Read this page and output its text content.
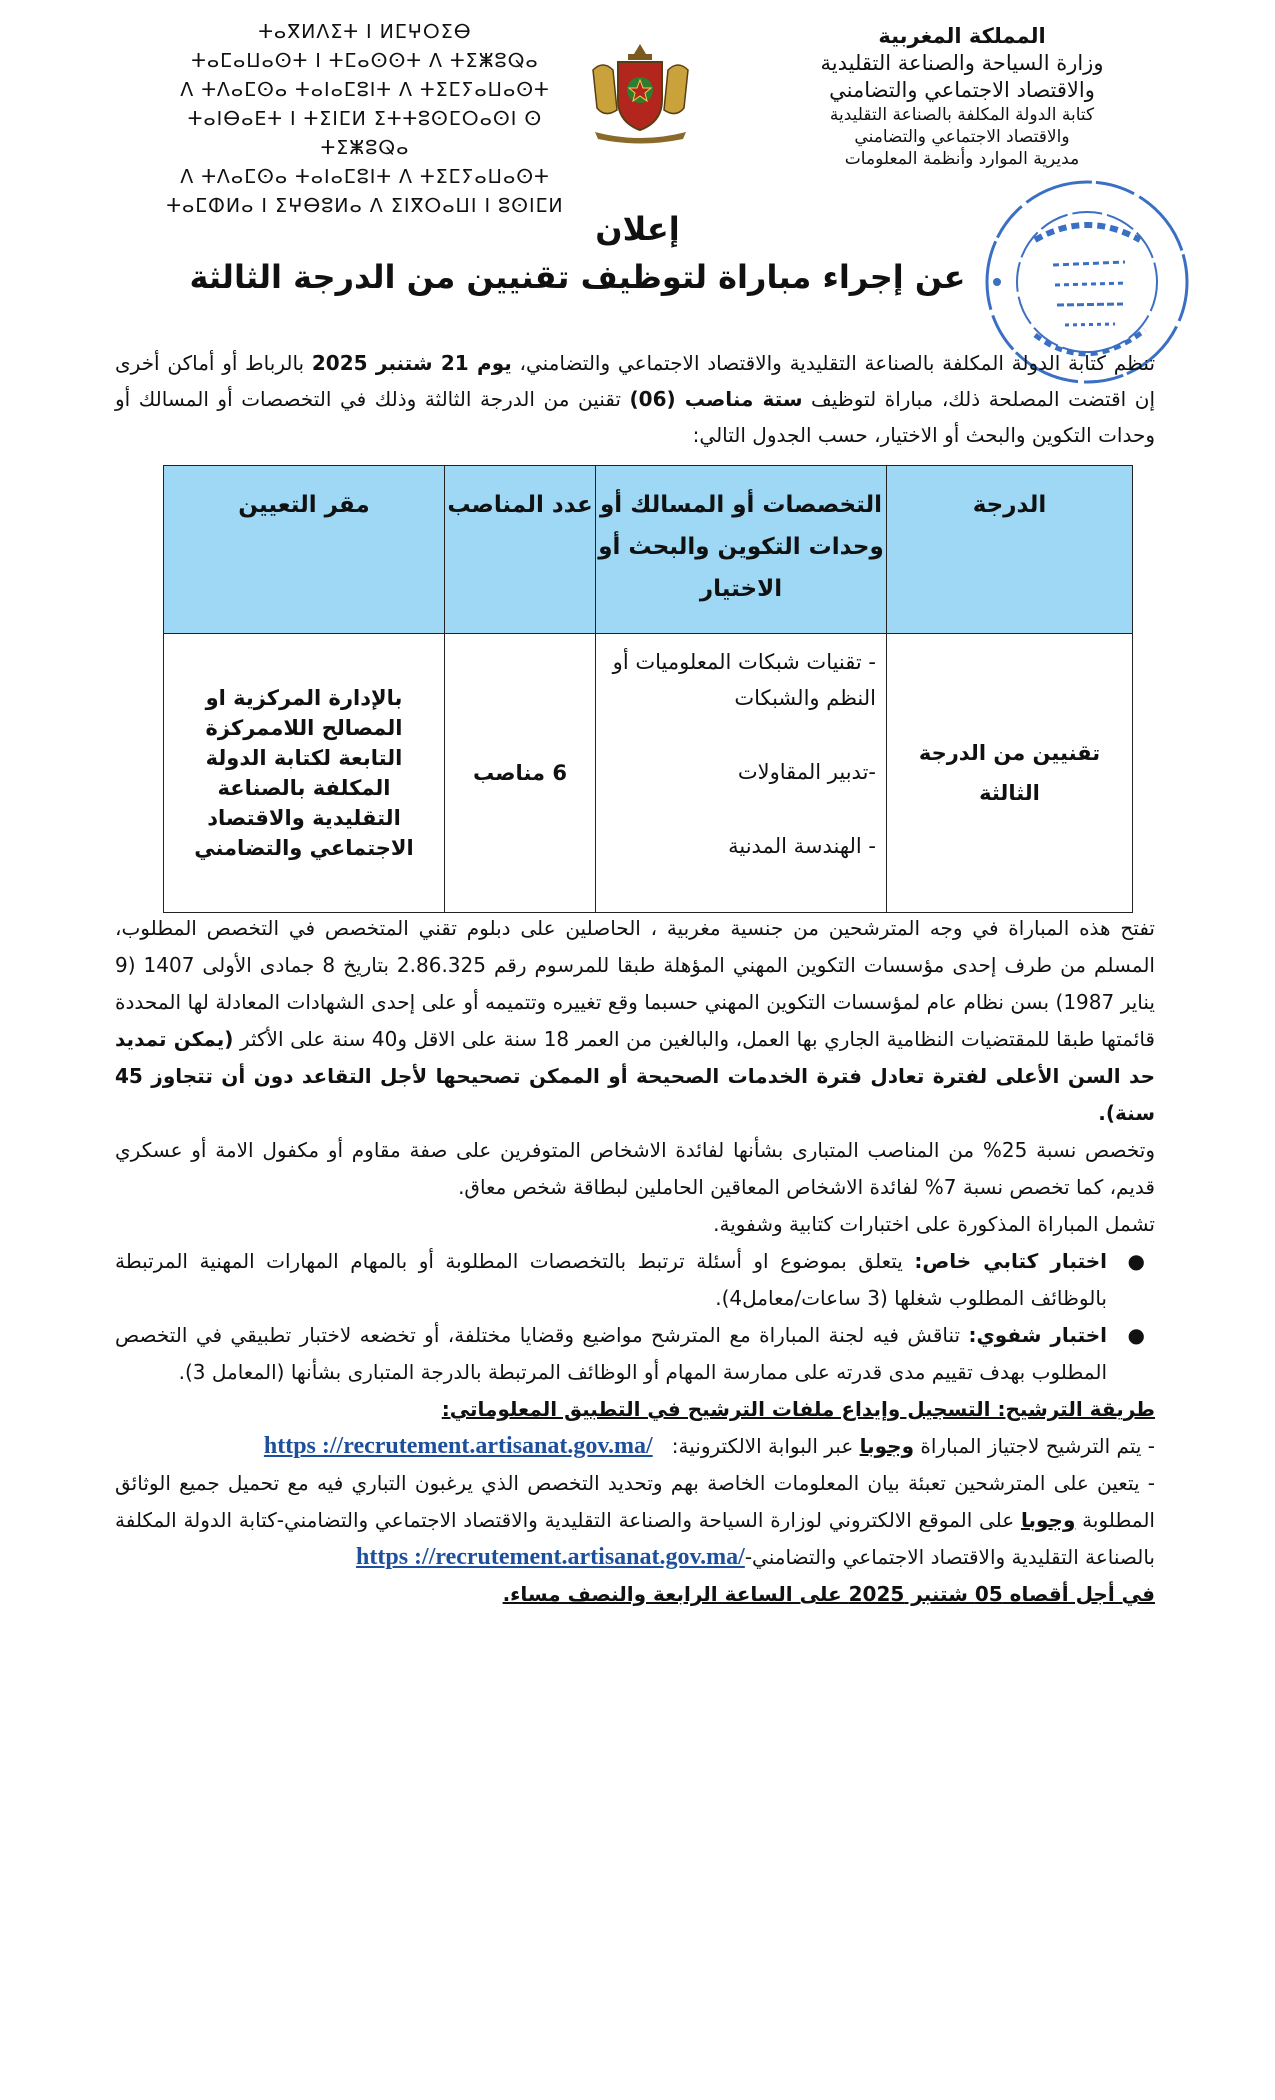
المملكة المغربية
وزارة السياحة والصناعة التقليدية
والاقتصاد الاجتماعي والتضامني
كتابة الدولة المكلفة بالصناعة التقليدية
والاقتصاد الاجتماعي والتضامني
مديرية الموارد وأنظمة المعلومات
ⵜⴰⴳⵍⴷⵉⵜ ⵏ ⵍⵎⵖⵔⵉⴱ
ⵜⴰⵎⴰⵡⴰⵙⵜ ⵏ ⵜⵎⴰⵙⵙⵜ ⴷ ⵜⵉⵥⵓⵕⴰ
ⴷ ⵜⴷⴰⵎⵙⴰ ⵜⴰⵏⴰⵎⵓⵏⵜ ⴷ ⵜⵉⵎⵢⴰⵡⴰⵙⵜ
ⵜⴰⵏⴱⴰⴹⵜ ⵏ ⵜⵉⵏⵎⵍ ⵉⵜⵜⵓⵙⵎⵔⴰⵙⵏ ⵙ ⵜⵉⵥⵓⵕⴰ
ⴷ ⵜⴷⴰⵎⵙⴰ ⵜⴰⵏⴰⵎⵓⵏⵜ ⴷ ⵜⵉⵎⵢⴰⵡⴰⵙⵜ
ⵜⴰⵎⵀⵍⴰ ⵏ ⵉⵖⴱⵓⵍⴰ ⴷ ⵉⵏⴳⵔⴰⵡⵏ ⵏ ⵓⵙⵏⵎⵍ
إعلان
عن إجراء مباراة لتوظيف تقنيين من الدرجة الثالثة

تنظم كتابة الدولة المكلفة بالصناعة التقليدية والاقتصاد الاجتماعي والتضامني، يوم 21 شتنبر 2025 بالرباط أو أماكن أخرى إن اقتضت المصلحة ذلك، مباراة لتوظيف ستة مناصب (06) تقنين من الدرجة الثالثة وذلك في التخصصات أو المسالك أو وحدات التكوين والبحث أو الاختيار، حسب الجدول التالي:

الدرجة	التخصصات أو المسالك أو وحدات التكوين والبحث أو الاختيار	عدد المناصب	مقر التعيين
تقنيين من الدرجة الثالثة	- تقنيات شبكات المعلوميات أو النظم والشبكات
-تدبير المقاولات
- الهندسة المدنية	6 مناصب	بالإدارة المركزية او المصالح اللاممركزة التابعة لكتابة الدولة المكلفة بالصناعة التقليدية والاقتصاد الاجتماعي والتضامني

تفتح هذه المباراة في وجه المترشحين من جنسية مغربية ، الحاصلين على دبلوم تقني المتخصص في التخصص المطلوب، المسلم من طرف إحدى مؤسسات التكوين المهني المؤهلة طبقا للمرسوم رقم 2.86.325 بتاريخ 8 جمادى الأولى 1407 (9 يناير 1987) بسن نظام عام لمؤسسات التكوين المهني حسبما وقع تغييره وتتميمه أو على إحدى الشهادات المعادلة لها المحددة قائمتها طبقا للمقتضيات النظامية الجاري بها العمل، والبالغين من العمر 18 سنة على الاقل و40 سنة على الأكثر (يمكن تمديد حد السن الأعلى لفترة تعادل فترة الخدمات الصحيحة أو الممكن تصحيحها لأجل التقاعد دون أن تتجاوز 45 سنة).

وتخصص نسبة 25% من المناصب المتبارى بشأنها لفائدة الاشخاص المتوفرين على صفة مقاوم أو مكفول الامة أو عسكري قديم، كما تخصص نسبة 7% لفائدة الاشخاص المعاقين الحاملين لبطاقة شخص معاق.

تشمل المباراة المذكورة على اختبارات كتابية وشفوية.

●
اختبار كتابي خاص: يتعلق بموضوع او أسئلة ترتبط بالتخصصات المطلوبة أو بالمهام المهارات المهنية المرتبطة بالوظائف المطلوب شغلها (3 ساعات/معامل4).
●
اختبار شفوي: تناقش فيه لجنة المباراة مع المترشح مواضيع وقضايا مختلفة، أو تخضعه لاختبار تطبيقي في التخصص المطلوب بهدف تقييم مدى قدرته على ممارسة المهام أو الوظائف المرتبطة بالدرجة المتبارى بشأنها (المعامل 3).

طريقة الترشيح: التسجيل وإيداع ملفات الترشيح في التطبيق المعلوماتي:

- يتم الترشيح لاجتياز المباراة وجوبا عبر البوابة الالكترونية:   https ://recrutement.artisanat.gov.ma/

- يتعين على المترشحين تعبئة بيان المعلومات الخاصة بهم وتحديد التخصص الذي يرغبون التباري فيه مع تحميل جميع الوثائق المطلوبة وجوبا على الموقع الالكتروني لوزارة السياحة والصناعة التقليدية والاقتصاد الاجتماعي والتضامني-كتابة الدولة المكلفة بالصناعة التقليدية والاقتصاد الاجتماعي والتضامني-https ://recrutement.artisanat.gov.ma/

في أجل أقصاه 05 شتنبر 2025 على الساعة الرابعة والنصف مساء.
